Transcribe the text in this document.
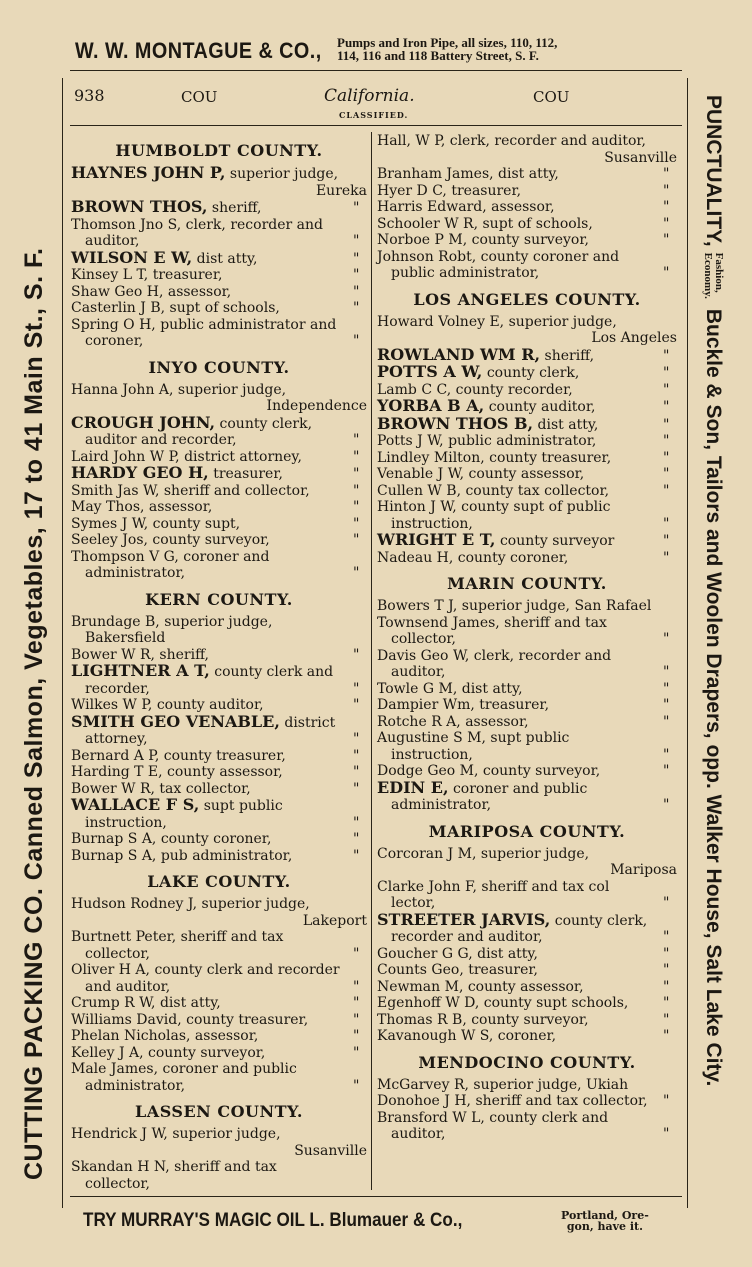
W. W. MONTAGUE & CO., Pumps and Iron Pipe, all sizes, 110, 112,
114, 116 and 118 Battery Street, S. F.
938	COU	California.	COU
CLASSIFIED.
CUTTING PACKING CO. Canned Salmon, Vegetables, 17 to 41 Main St., S. F.
PUNCTUALITY,Fashion,
Economy.Buckle & Son, Tailors and Woolen Drapers, opp. Walker House, Salt Lake City.
HUMBOLDT COUNTY.
HAYNES JOHN P, superior judge,
Eureka
BROWN THOS, sheriff,	"
Thomson Jno S, clerk, recorder and auditor,	"
WILSON E W, dist atty,	"
Kinsey L T, treasurer,	"
Shaw Geo H, assessor,	"
Casterlin J B, supt of schools,	"
Spring O H, public administrator and coroner,	"
INYO COUNTY.
Hanna John A, superior judge,
Independence
CROUGH JOHN, county clerk, auditor and recorder,	"
Laird John W P, district attorney,	"
HARDY GEO H, treasurer,	"
Smith Jas W, sheriff and collector,	"
May Thos, assessor,	"
Symes J W, county supt,	"
Seeley Jos, county surveyor,	"
Thompson V G, coroner and administrator,	"
KERN COUNTY.
Brundage B, superior judge, Bakersfield
Bower W R, sheriff,	"
LIGHTNER A T, county clerk and recorder,	"
Wilkes W P, county auditor,	"
SMITH GEO VENABLE, district attorney,	"
Bernard A P, county treasurer,	"
Harding T E, county assessor,	"
Bower W R, tax collector,	"
WALLACE F S, supt public instruction,	"
Burnap S A, county coroner,	"
Burnap S A, pub administrator,	"
LAKE COUNTY.
Hudson Rodney J, superior judge,
Lakeport
Burtnett Peter, sheriff and tax collector,	"
Oliver H A, county clerk and recorder and auditor,	"
Crump R W, dist atty,	"
Williams David, county treasurer,	"
Phelan Nicholas, assessor,	"
Kelley J A, county surveyor,	"
Male James, coroner and public administrator,	"
LASSEN COUNTY.
Hendrick J W, superior judge,
Susanville
Skandan H N, sheriff and tax collector,
Hall, W P, clerk, recorder and auditor,
Susanville
Branham James, dist atty,	"
Hyer D C, treasurer,	"
Harris Edward, assessor,	"
Schooler W R, supt of schools,	"
Norboe P M, county surveyor,	"
Johnson Robt, county coroner and public administrator,	"
LOS ANGELES COUNTY.
Howard Volney E, superior judge,
Los Angeles
ROWLAND WM R, sheriff,	"
POTTS A W, county clerk,	"
Lamb C C, county recorder,	"
YORBA B A, county auditor,	"
BROWN THOS B, dist atty,	"
Potts J W, public administrator,	"
Lindley Milton, county treasurer,	"
Venable J W, county assessor,	"
Cullen W B, county tax collector,	"
Hinton J W, county supt of public instruction,	"
WRIGHT E T, county surveyor	"
Nadeau H, county coroner,	"
MARIN COUNTY.
Bowers T J, superior judge, San Rafael
Townsend James, sheriff and tax collector,	"
Davis Geo W, clerk, recorder and auditor,	"
Towle G M, dist atty,	"
Dampier Wm, treasurer,	"
Rotche R A, assessor,	"
Augustine S M, supt public instruction,	"
Dodge Geo M, county surveyor,	"
EDIN E, coroner and public administrator,	"
MARIPOSA COUNTY.
Corcoran J M, superior judge,
Mariposa
Clarke John F, sheriff and tax col lector,	"
STREETER JARVIS, county clerk, recorder and auditor,	"
Goucher G G, dist atty,	"
Counts Geo, treasurer,	"
Newman M, county assessor,	"
Egenhoff W D, county supt schools, "
Thomas R B, county surveyor,	"
Kavanough W S, coroner,	"
MENDOCINO COUNTY.
McGarvey R, superior judge, Ukiah
Donohoe J H, sheriff and tax collector, "
Bransford W L, county clerk and auditor,	"
TRY MURRAY'S MAGIC OIL L. Blumauer & Co.,	Portland, Ore-
gon, have it.
